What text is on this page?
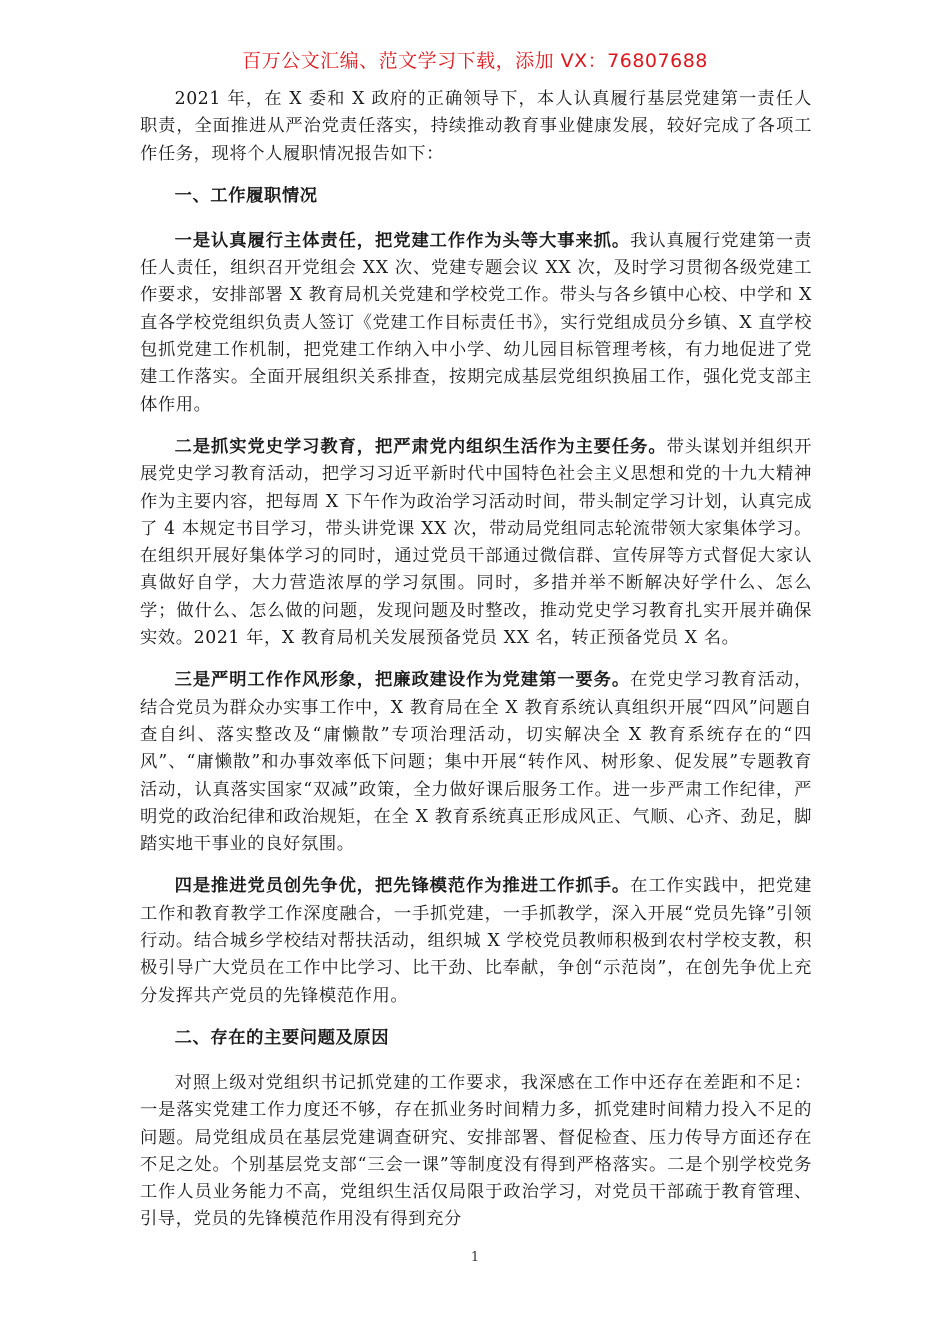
百万公文汇编、范文学习下载，添加 VX：76807688

2021 年，在 X 委和 X 政府的正确领导下，本人认真履行基层党建第一责任人职责，全面推进从严治党责任落实，持续推动教育事业健康发展，较好完成了各项工作任务，现将个人履职情况报告如下：

一、工作履职情况

一是认真履行主体责任，把党建工作作为头等大事来抓。我认真履行党建第一责任人责任，组织召开党组会 XX 次、党建专题会议 XX 次，及时学习贯彻各级党建工作要求，安排部署 X 教育局机关党建和学校党工作。带头与各乡镇中心校、中学和 X 直各学校党组织负责人签订《党建工作目标责任书》，实行党组成员分乡镇、X 直学校包抓党建工作机制，把党建工作纳入中小学、幼儿园目标管理考核，有力地促进了党建工作落实。全面开展组织关系排查，按期完成基层党组织换届工作，强化党支部主体作用。

二是抓实党史学习教育，把严肃党内组织生活作为主要任务。带头谋划并组织开展党史学习教育活动，把学习习近平新时代中国特色社会主义思想和党的十九大精神作为主要内容，把每周 X 下午作为政治学习活动时间，带头制定学习计划，认真完成了 4 本规定书目学习，带头讲党课 XX 次，带动局党组同志轮流带领大家集体学习。在组织开展好集体学习的同时，通过党员干部通过微信群、宣传屏等方式督促大家认真做好自学，大力营造浓厚的学习氛围。同时，多措并举不断解决好学什么、怎么学；做什么、怎么做的问题，发现问题及时整改，推动党史学习教育扎实开展并确保实效。2021 年，X 教育局机关发展预备党员 XX 名，转正预备党员 X 名。

三是严明工作作风形象，把廉政建设作为党建第一要务。在党史学习教育活动，结合党员为群众办实事工作中，X 教育局在全 X 教育系统认真组织开展“四风”问题自查自纠、落实整改及“庸懒散”专项治理活动，切实解决全 X 教育系统存在的“四风”、“庸懒散”和办事效率低下问题；集中开展“转作风、树形象、促发展”专题教育活动，认真落实国家“双减”政策，全力做好课后服务工作。进一步严肃工作纪律，严明党的政治纪律和政治规矩，在全 X 教育系统真正形成风正、气顺、心齐、劲足，脚踏实地干事业的良好氛围。

四是推进党员创先争优，把先锋模范作为推进工作抓手。在工作实践中，把党建工作和教育教学工作深度融合，一手抓党建，一手抓教学，深入开展“党员先锋”引领行动。结合城乡学校结对帮扶活动，组织城 X 学校党员教师积极到农村学校支教，积极引导广大党员在工作中比学习、比干劲、比奉献，争创“示范岗”，在创先争优上充分发挥共产党员的先锋模范作用。

二、存在的主要问题及原因

对照上级对党组织书记抓党建的工作要求，我深感在工作中还存在差距和不足：一是落实党建工作力度还不够，存在抓业务时间精力多，抓党建时间精力投入不足的问题。局党组成员在基层党建调查研究、安排部署、督促检查、压力传导方面还存在不足之处。个别基层党支部“三会一课”等制度没有得到严格落实。二是个别学校党务工作人员业务能力不高，党组织生活仅局限于政治学习，对党员干部疏于教育管理、引导，党员的先锋模范作用没有得到充分

1
